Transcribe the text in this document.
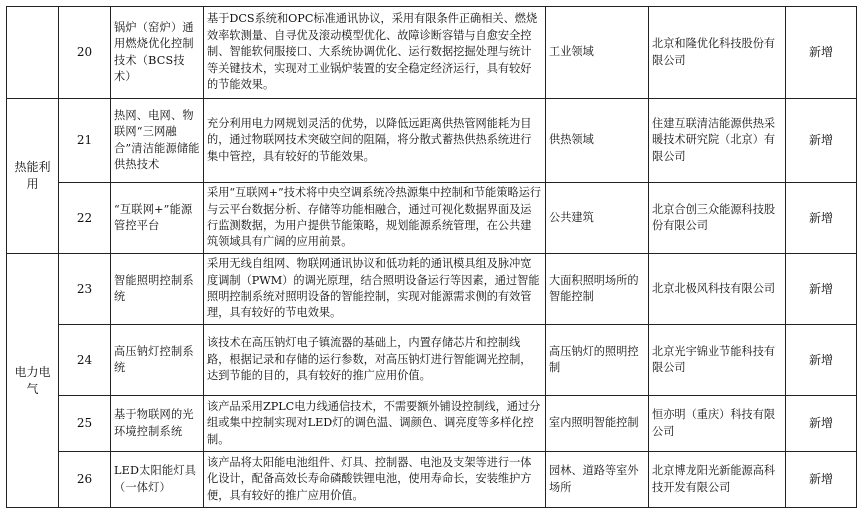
	20	锅炉（窑炉）通用燃烧优化控制技术（BCS技术）	基于DCS系统和OPC标准通讯协议，采用有限条件正确相关、燃烧效率软测量、自寻优及滚动模型优化、故障诊断容错与自愈安全控制、智能软伺服接口、大系统协调优化、运行数据挖掘处理与统计等关键技术，实现对工业锅炉装置的安全稳定经济运行，具有较好的节能效果。	工业领域	北京和隆优化科技股份有限公司	新增
热能利用	21	热网、电网、物联网“三网融合”清洁能源储能供热技术	充分利用电力网规划灵活的优势，以降低远距离供热管网能耗为目的，通过物联网技术突破空间的阻隔，将分散式蓄热供热系统进行集中管控，具有较好的节能效果。	供热领域	住建互联清洁能源供热采暖技术研究院（北京）有限公司	新增
	22	“互联网+”能源管控平台	采用“互联网+”技术将中央空调系统冷热源集中控制和节能策略运行与云平台数据分析、存储等功能相融合，通过可视化数据界面及运行监测数据，为用户提供节能策略，规划能源系统管理，在公共建筑领域具有广阔的应用前景。	公共建筑	北京合创三众能源科技股份有限公司	新增
电力电气	23	智能照明控制系统	采用无线自组网、物联网通讯协议和低功耗的通讯模具组及脉冲宽度调制（PWM）的调光原理，结合照明设备运行等因素，通过智能照明控制系统对照明设备的智能控制，实现对能源需求侧的有效管理，具有较好的节电效果。	大面积照明场所的智能控制	北京北极风科技有限公司	新增
	24	高压钠灯控制系统	该技术在高压钠灯电子镇流器的基础上，内置存储芯片和控制线路，根据记录和存储的运行参数，对高压钠灯进行智能调光控制，达到节能的目的，具有较好的推广应用价值。	高压钠灯的照明控制	北京光宇锦业节能科技有限公司	新增
	25	基于物联网的光环境控制系统	该产品采用ZPLC电力线通信技术，不需要额外铺设控制线，通过分组或集中控制实现对LED灯的调色温、调颜色、调亮度等多样化控制。	室内照明智能控制	恒亦明（重庆）科技有限公司	新增
	26	LED太阳能灯具（一体灯）	该产品将太阳能电池组件、灯具、控制器、电池及支架等进行一体化设计，配备高效长寿命磷酸铁锂电池，使用寿命长，安装维护方便，具有较好的推广应用价值。	园林、道路等室外场所	北京博龙阳光新能源高科技开发有限公司	新增
